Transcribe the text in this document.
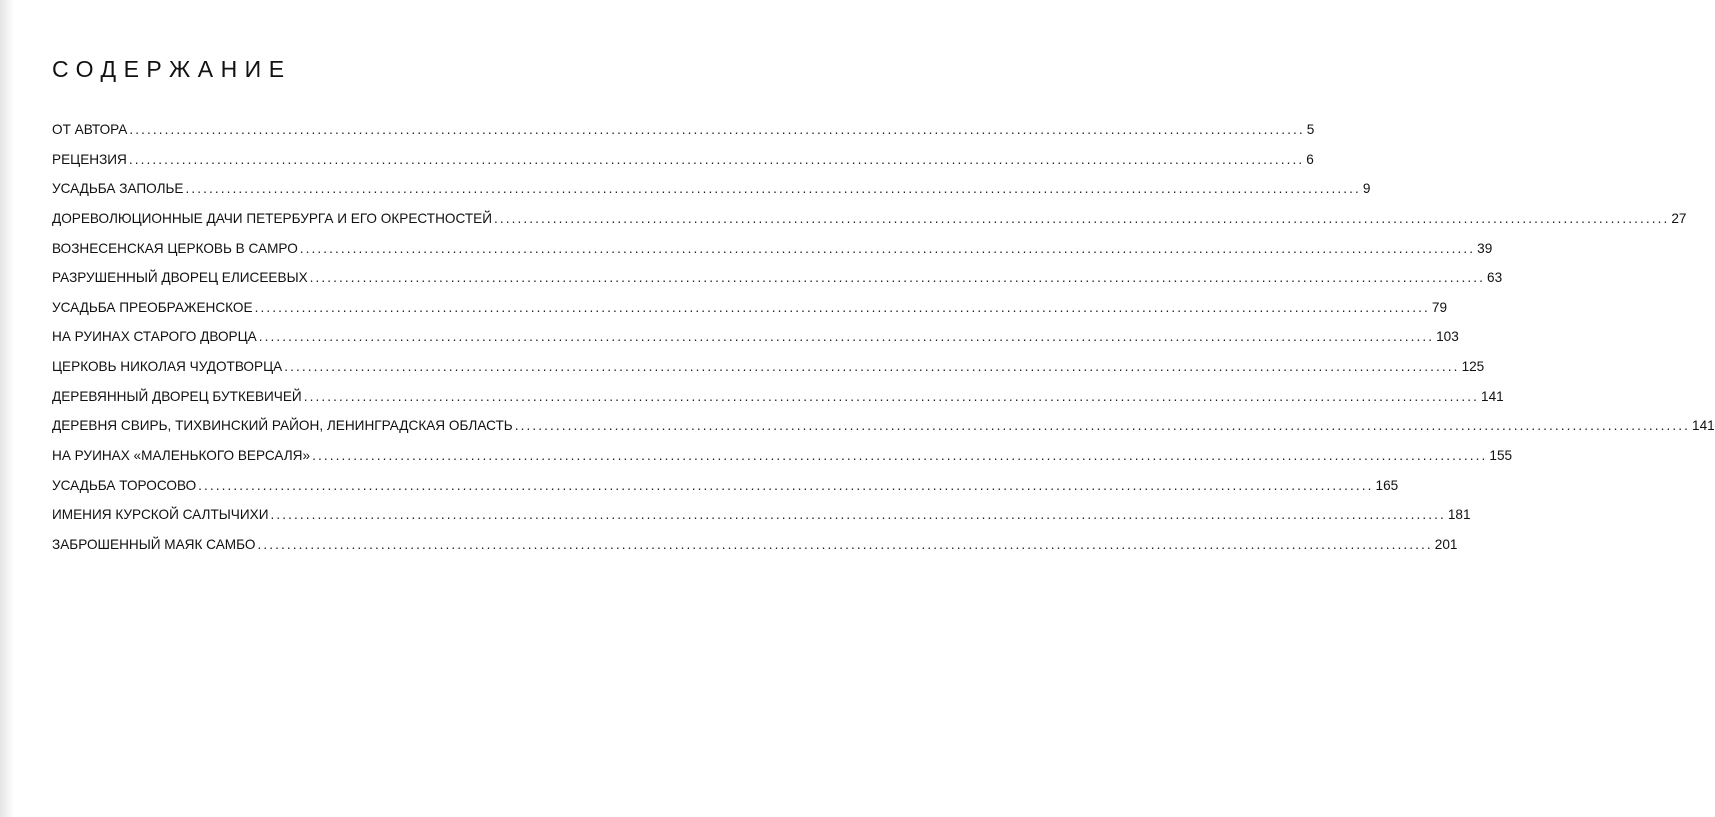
СОДЕРЖАНИЕ
ОТ АВТОРА ........................................................................................................................................................................................................ 5
РЕЦЕНЗИЯ ........................................................................................................................................................................................................ 6
УСАДЬБА ЗАПОЛЬЕ ........................................................................................................................................................................................................ 9
ДОРЕВОЛЮЦИОННЫЕ ДАЧИ ПЕТЕРБУРГА И ЕГО ОКРЕСТНОСТЕЙ ........................................................................................................................................................................................................ 27
ВОЗНЕСЕНСКАЯ ЦЕРКОВЬ В САМРО ........................................................................................................................................................................................................ 39
РАЗРУШЕННЫЙ ДВОРЕЦ ЕЛИСЕЕВЫХ ........................................................................................................................................................................................................ 63
УСАДЬБА ПРЕОБРАЖЕНСКОЕ ........................................................................................................................................................................................................ 79
НА РУИНАХ СТАРОГО ДВОРЦА ........................................................................................................................................................................................................ 103
ЦЕРКОВЬ НИКОЛАЯ ЧУДОТВОРЦА ........................................................................................................................................................................................................ 125
ДЕРЕВЯННЫЙ ДВОРЕЦ БУТКЕВИЧЕЙ ........................................................................................................................................................................................................ 141
ДЕРЕВНЯ СВИРЬ, ТИХВИНСКИЙ РАЙОН, ЛЕНИНГРАДСКАЯ ОБЛАСТЬ ........................................................................................................................................................................................................ 141
НА РУИНАХ «МАЛЕНЬКОГО ВЕРСАЛЯ» ........................................................................................................................................................................................................ 155
УСАДЬБА ТОРОСОВО ........................................................................................................................................................................................................ 165
ИМЕНИЯ КУРСКОЙ САЛТЫЧИХИ ........................................................................................................................................................................................................ 181
ЗАБРОШЕННЫЙ МАЯК САМБО ........................................................................................................................................................................................................ 201
